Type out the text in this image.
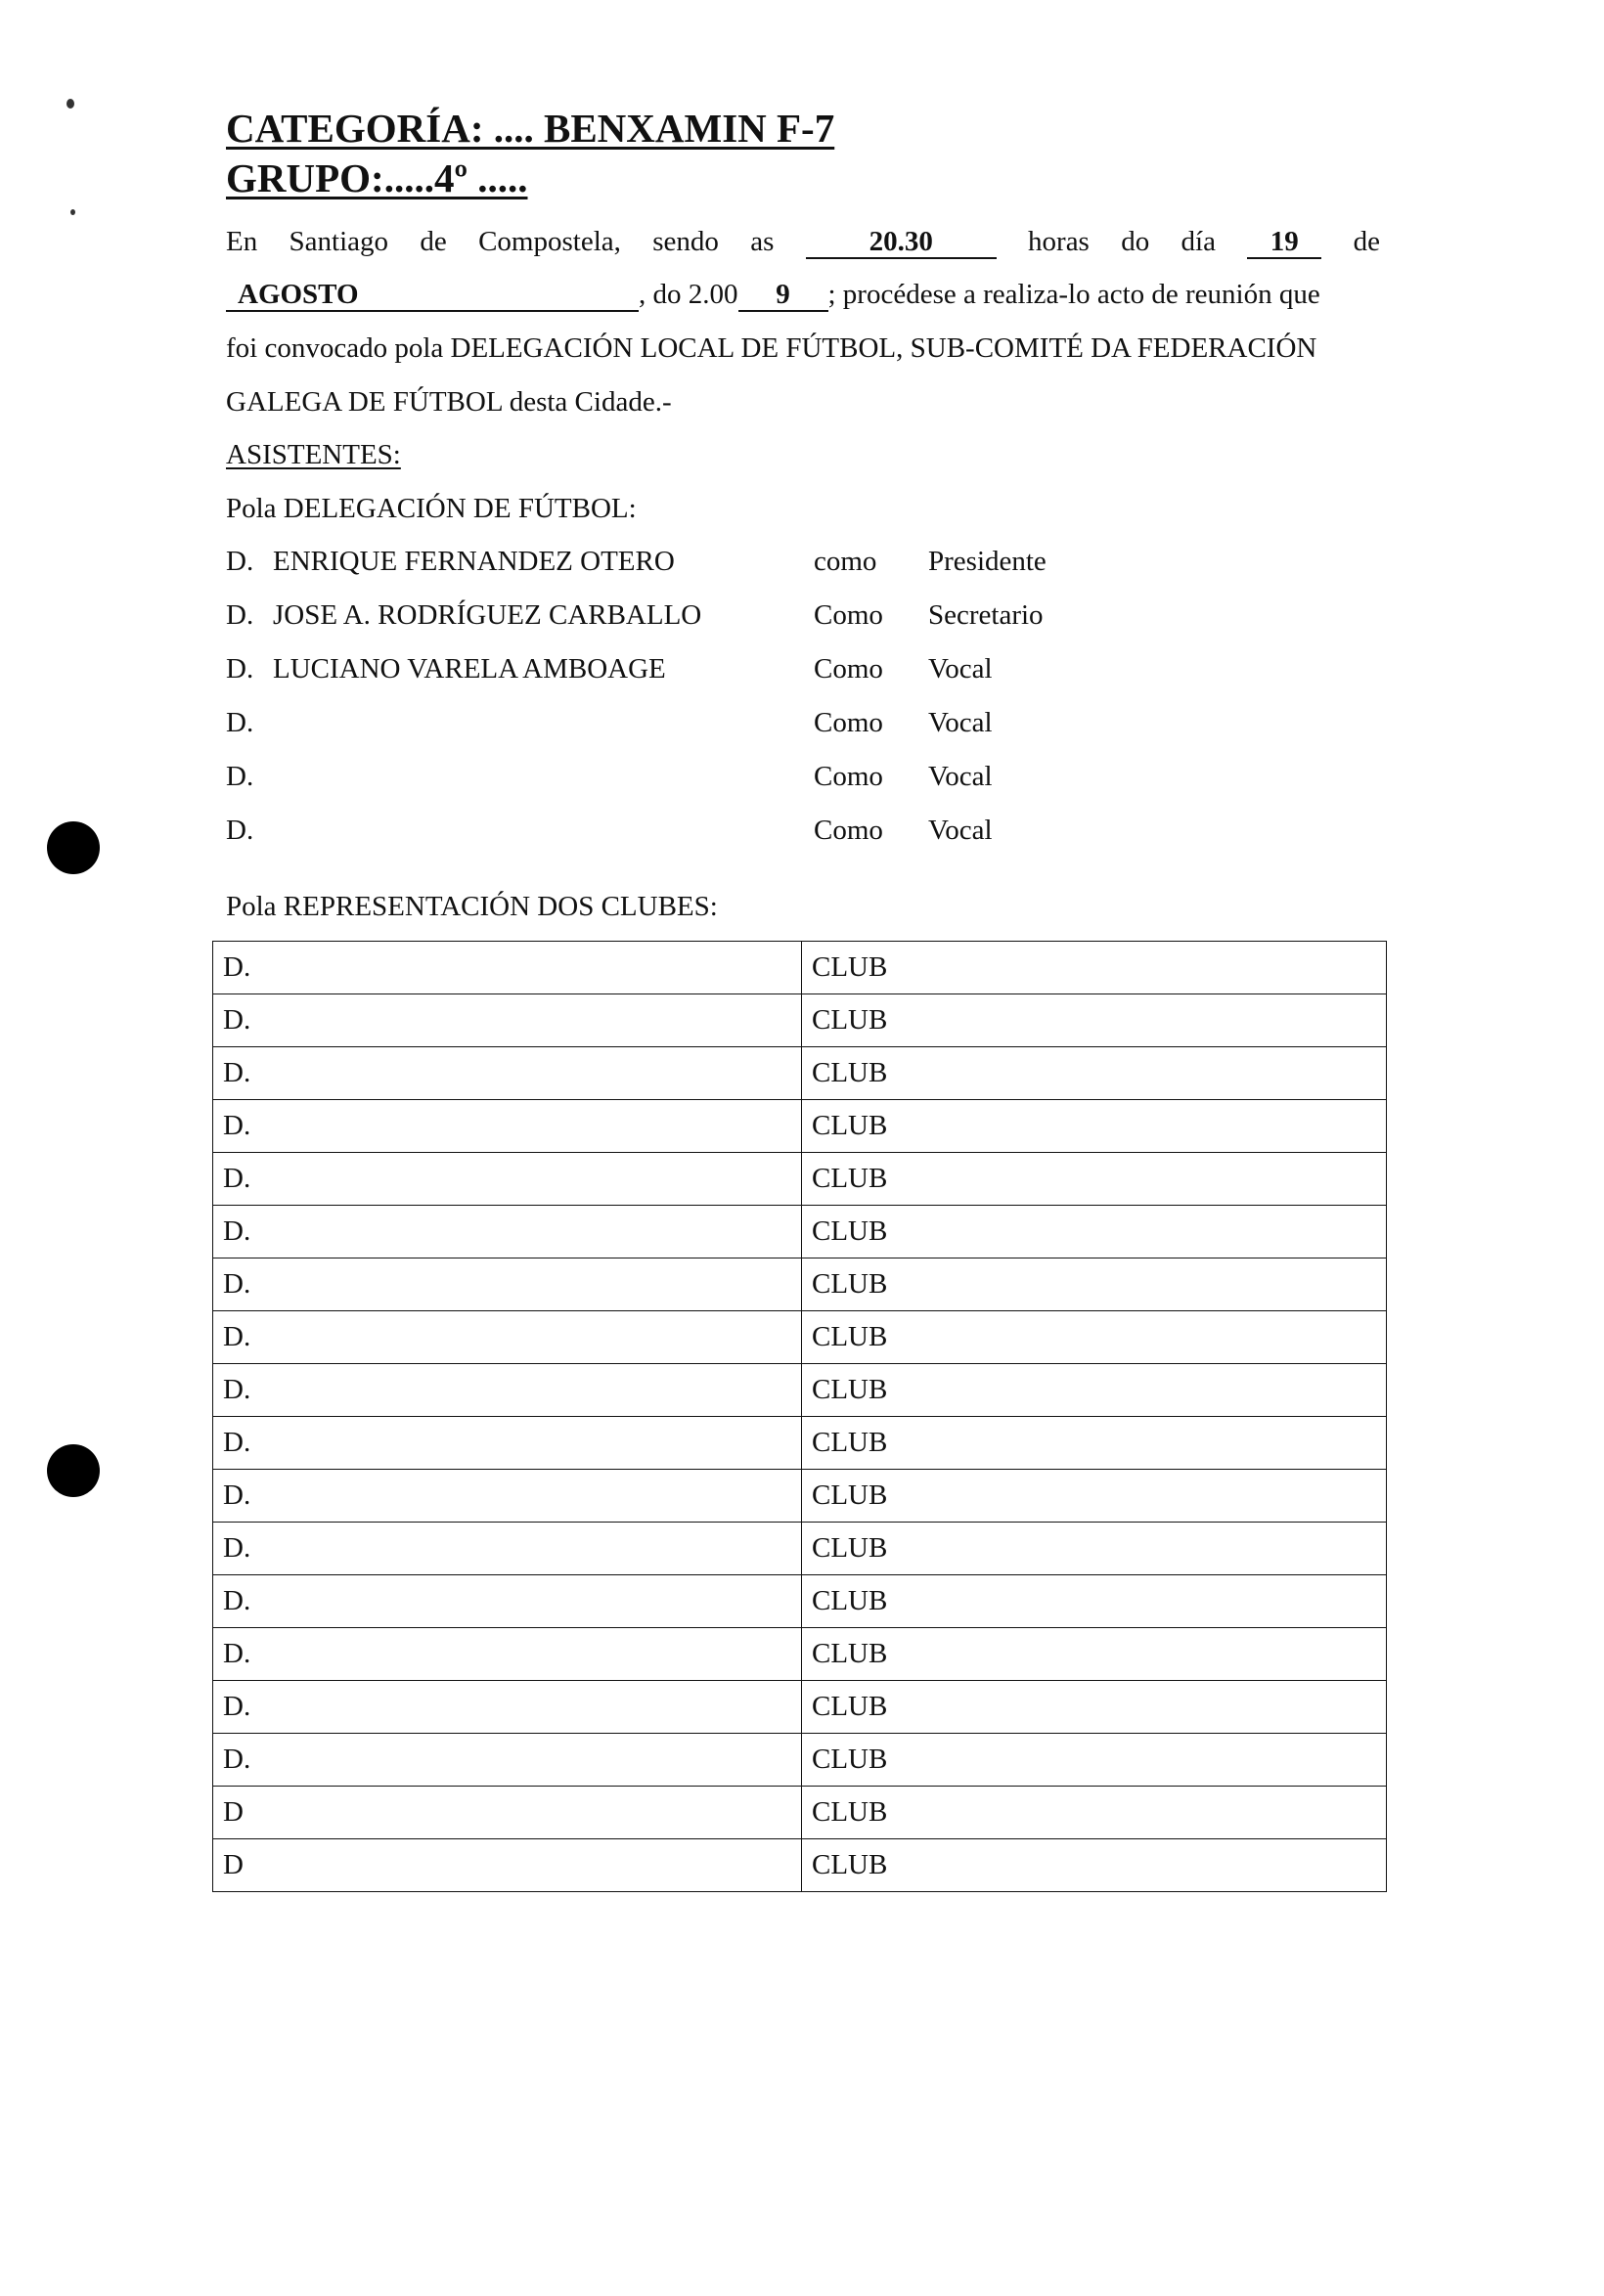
CATEGORÍA: .... BENXAMIN F-7
GRUPO:.....4º .....
En Santiago de Compostela, sendo as	20.30	horas do día	19	de
AGOSTO	, do 2.00 9 ; procédese a realiza-lo acto de reunión que
foi convocado pola DELEGACIÓN LOCAL DE FÚTBOL, SUB-COMITÉ DA FEDERACIÓN
GALEGA DE FÚTBOL desta Cidade.-
ASISTENTES:
Pola DELEGACIÓN DE FÚTBOL:
D. ENRIQUE FERNANDEZ OTERO	como Presidente
D. JOSE A. RODRÍGUEZ CARBALLO	Como Secretario
D. LUCIANO VARELA AMBOAGE	Como Vocal
D.	Como Vocal
D.	Como Vocal
D.	Como Vocal
Pola REPRESENTACIÓN DOS CLUBES:
D.	CLUB
D.	CLUB
D.	CLUB
D.	CLUB
D.	CLUB
D.	CLUB
D.	CLUB
D.	CLUB
D.	CLUB
D.	CLUB
D.	CLUB
D.	CLUB
D.	CLUB
D.	CLUB
D.	CLUB
D.	CLUB
D	CLUB
D	CLUB
